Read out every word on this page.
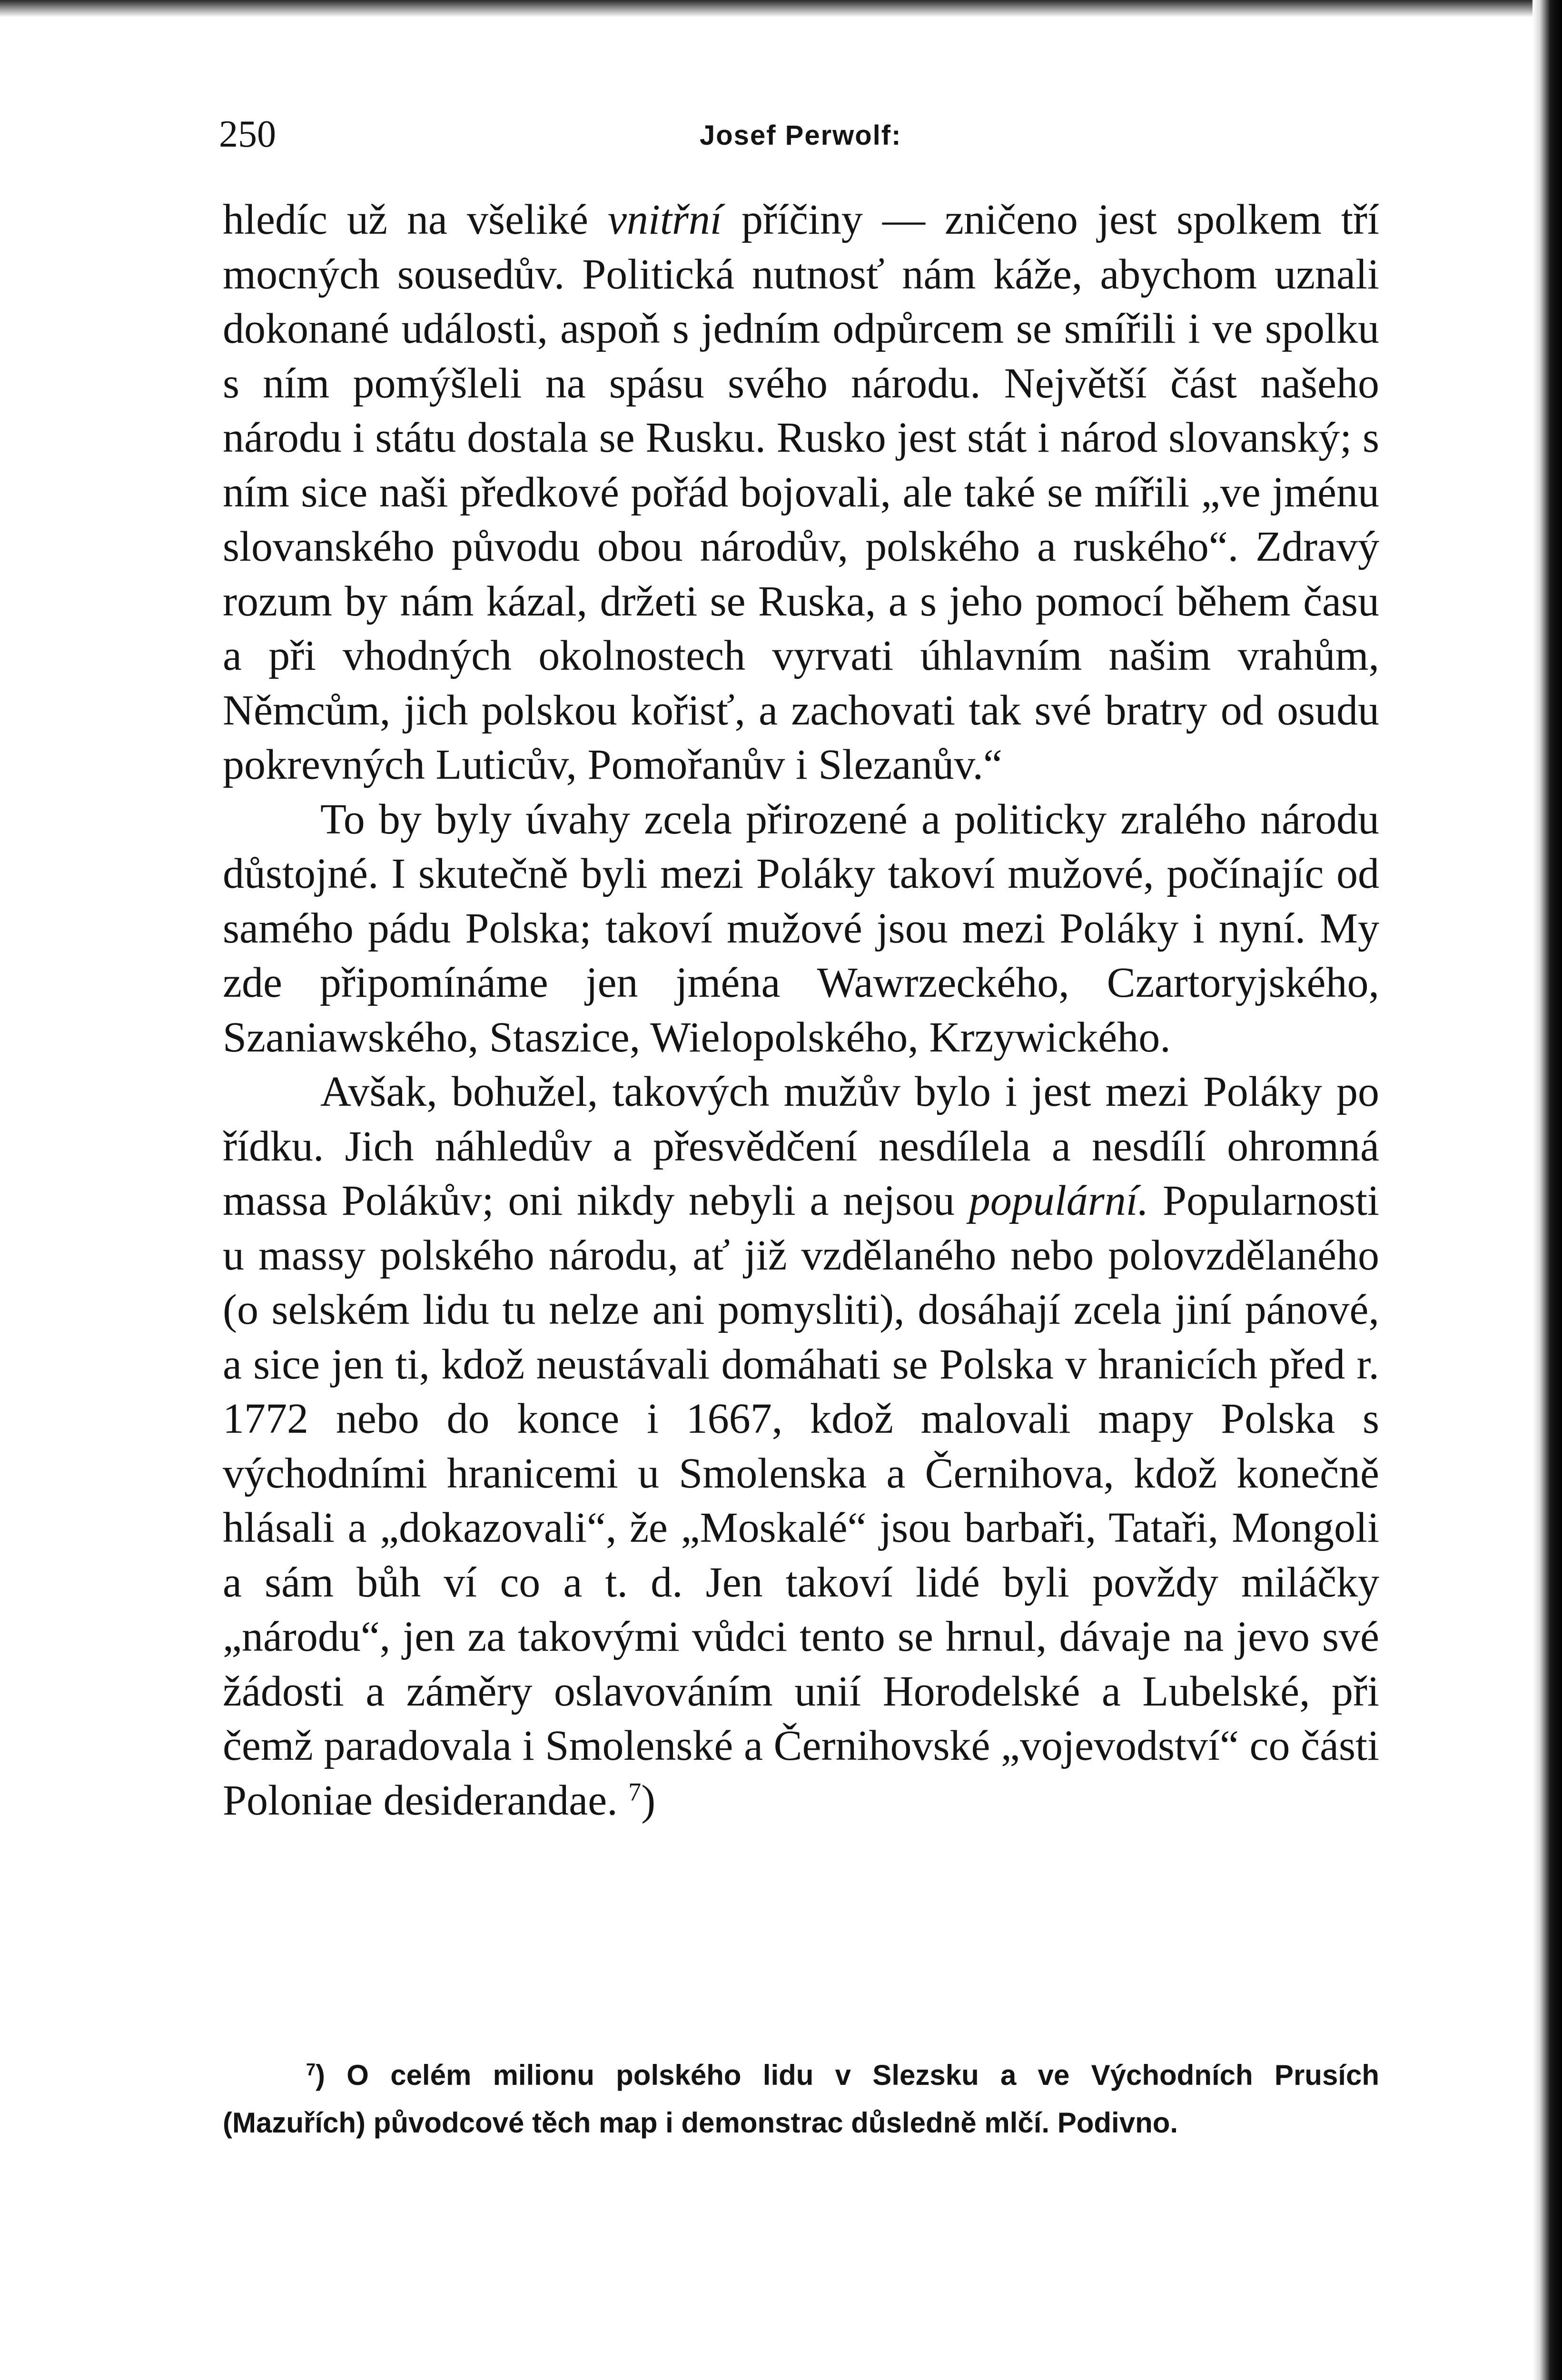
250	Josef Perwolf:

hledíc už na všeliké vnitřní příčiny — zničeno jest spolkem tří mocných sousedův. Politická nutnosť nám káže, abychom uznali dokonané události, aspoň s jedním odpůrcem se smířili i ve spolku s ním pomýšleli na spásu svého národu. Největší část našeho národu i státu dostala se Rusku. Rusko jest stát i národ slovanský; s ním sice naši předkové pořád bojovali, ale také se mířili „ve jménu slovanského původu obou národův, polského a ruského“. Zdravý rozum by nám kázal, držeti se Ruska, a s jeho pomocí během času a při vhodných okolnostech vyrvati úhlavním našim vrahům, Němcům, jich polskou kořisť, a zachovati tak své bratry od osudu pokrevných Luticův, Pomořanův i Slezanův.“

To by byly úvahy zcela přirozené a politicky zralého národu důstojné. I skutečně byli mezi Poláky takoví mužové, počínajíc od samého pádu Polska; takoví mužové jsou mezi Poláky i nyní. My zde připomínáme jen jména Wawrzeckého, Czartoryjského, Szaniawského, Staszice, Wielopolského, Krzywického.

Avšak, bohužel, takových mužův bylo i jest mezi Poláky po řídku. Jich náhledův a přesvědčení nesdílela a nesdílí ohromná massa Polákův; oni nikdy nebyli a nejsou populární. Popularnosti u massy polského národu, ať již vzdělaného nebo polovzdělaného (o selském lidu tu nelze ani pomysliti), dosáhají zcela jiní pánové, a sice jen ti, kdož neustávali domáhati se Polska v hranicích před r. 1772 nebo do konce i 1667, kdož malovali mapy Polska s východními hranicemi u Smolenska a Černihova, kdož konečně hlásali a „dokazovali“, že „Moskalé“ jsou barbaři, Tataři, Mongoli a sám bůh ví co a t. d. Jen takoví lidé byli povždy miláčky „národu“, jen za takovými vůdci tento se hrnul, dávaje na jevo své žádosti a záměry oslavováním unií Horodelské a Lubelské, při čemž paradovala i Smolenské a Černihovské „vojevodství“ co části Poloniae desiderandae. $^7$)

$^7$) O celém milionu polského lidu v Slezsku a ve Východních Prusích (Mazuřích) původcové těch map i demonstrac důsledně mlčí. Podivno.
